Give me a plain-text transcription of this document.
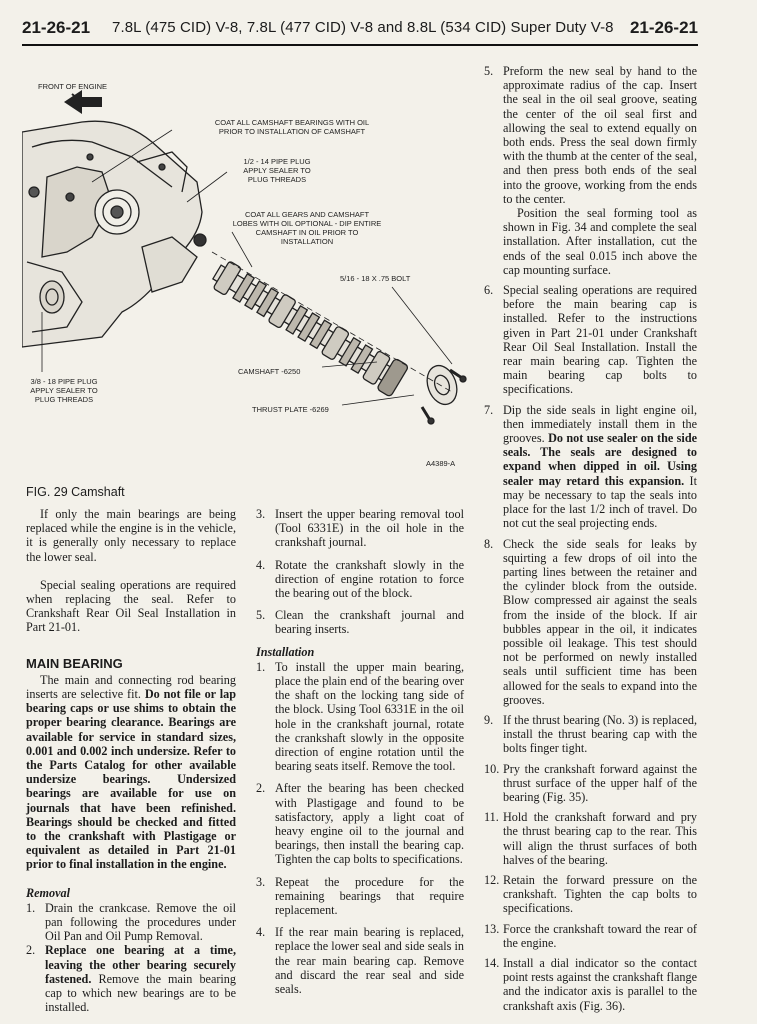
21-26-21 7.8L (475 CID) V-8, 7.8L (477 CID) V-8 and 8.8L (534 CID) Super Duty V-8 21-26-21
FRONT OF ENGINE
COAT ALL CAMSHAFT BEARINGS WITH OIL PRIOR TO INSTALLATION OF CAMSHAFT
1/2 - 14 PIPE PLUG APPLY SEALER TO PLUG THREADS
COAT ALL GEARS AND CAMSHAFT LOBES WITH OIL OPTIONAL - DIP ENTIRE CAMSHAFT IN OIL PRIOR TO INSTALLATION
5/16 - 18 X .75 BOLT
CAMSHAFT -6250
3/8 - 18 PIPE PLUG APPLY SEALER TO PLUG THREADS
THRUST PLATE -6269
A4389-A
FIG. 29 Camshaft

If only the main bearings are being replaced while the engine is in the vehicle, it is generally only necessary to replace the lower seal.

Special sealing operations are required when replacing the seal. Refer to Crankshaft Rear Oil Seal Installation in Part 21-01.

MAIN BEARING

The main and connecting rod bearing inserts are selective fit. Do not file or lap bearing caps or use shims to obtain the proper bearing clearance. Bearings are available for service in standard sizes, 0.001 and 0.002 inch undersize. Refer to the Parts Catalog for other available undersize bearings. Undersized bearings are available for use on journals that have been refinished. Bearings should be checked and fitted to the crankshaft with Plastigage or equivalent as detailed in Part 21-01 prior to final installation in the engine.

Removal
1. Drain the crankcase. Remove the oil pan following the procedures under Oil Pan and Oil Pump Removal.
2. Replace one bearing at a time, leaving the other bearing securely fastened. Remove the main bearing cap to which new bearings are to be installed.
3. Insert the upper bearing removal tool (Tool 6331E) in the oil hole in the crankshaft journal.
4. Rotate the crankshaft slowly in the direction of engine rotation to force the bearing out of the block.
5. Clean the crankshaft journal and bearing inserts.
Installation
1. To install the upper main bearing, place the plain end of the bearing over the shaft on the locking tang side of the block. Using Tool 6331E in the oil hole in the crankshaft journal, rotate the crankshaft slowly in the opposite direction of engine rotation until the bearing seats itself. Remove the tool.
2. After the bearing has been checked with Plastigage and found to be satisfactory, apply a light coat of heavy engine oil to the journal and bearings, then install the bearing cap. Tighten the cap bolts to specifications.
3. Repeat the procedure for the remaining bearings that require replacement.
4. If the rear main bearing is replaced, replace the lower seal and side seals in the rear main bearing cap. Remove and discard the rear seal and side seals.
5. Preform the new seal by hand to the approximate radius of the cap. Insert the seal in the oil seal groove, seating the center of the oil seal first and allowing the seal to extend equally on both ends. Press the seal down firmly with the thumb at the center of the seal, and then press both ends of the seal into the groove, working from the ends to the center.

Position the seal forming tool as shown in Fig. 34 and complete the seal installation. After installation, cut the ends of the seal 0.015 inch above the cap mounting surface.

6. Special sealing operations are required before the main bearing cap is installed. Refer to the instructions given in Part 21-01 under Crankshaft Rear Oil Seal Installation. Install the rear main bearing cap. Tighten the main bearing cap bolts to specifications.
7. Dip the side seals in light engine oil, then immediately install them in the grooves. Do not use sealer on the side seals. The seals are designed to expand when dipped in oil. Using sealer may retard this expansion. It may be necessary to tap the seals into place for the last 1/2 inch of travel. Do not cut the seal projecting ends.
8. Check the side seals for leaks by squirting a few drops of oil into the parting lines between the retainer and the cylinder block from the outside. Blow compressed air against the seals from the inside of the block. If air bubbles appear in the oil, it indicates possible oil leakage. This test should not be performed on newly installed seals until sufficient time has been allowed for the seals to expand into the grooves.
9. If the thrust bearing (No. 3) is replaced, install the thrust bearing cap with the bolts finger tight.
10. Pry the crankshaft forward against the thrust surface of the upper half of the bearing (Fig. 35).
11. Hold the crankshaft forward and pry the thrust bearing cap to the rear. This will align the thrust surfaces of both halves of the bearing.
12. Retain the forward pressure on the crankshaft. Tighten the cap bolts to specifications.
13. Force the crankshaft toward the rear of the engine.
14. Install a dial indicator so the contact point rests against the crankshaft flange and the indicator axis is parallel to the crankshaft axis (Fig. 36).
